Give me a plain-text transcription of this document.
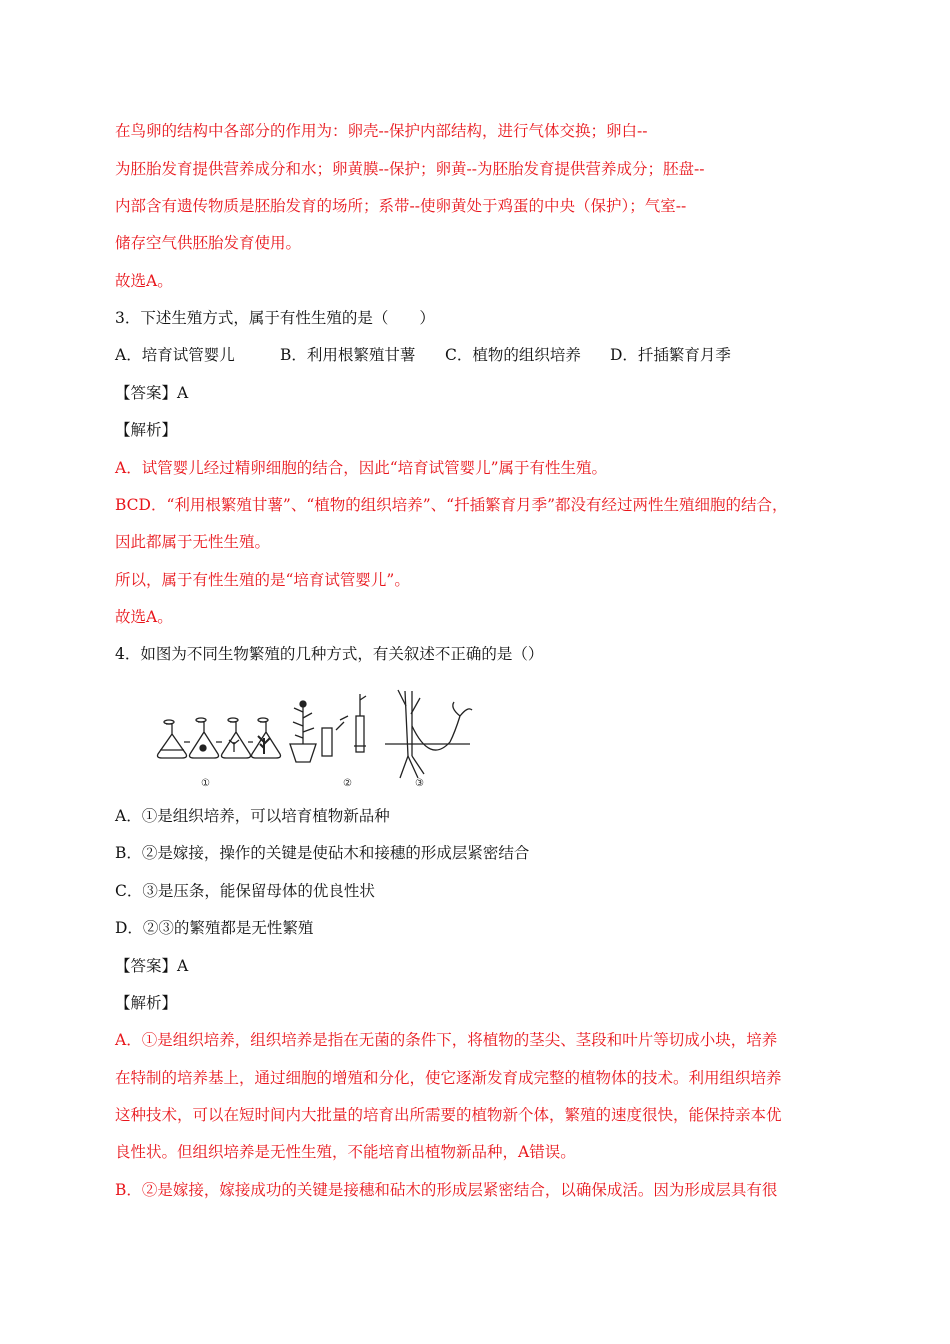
在鸟卵的结构中各部分的作用为：卵壳--保护内部结构，进行气体交换；卵白--
为胚胎发育提供营养成分和水；卵黄膜--保护；卵黄--为胚胎发育提供营养成分；胚盘--
内部含有遗传物质是胚胎发育的场所；系带--使卵黄处于鸡蛋的中央（保护）；气室--
储存空气供胚胎发育使用。
故选A。
3．下述生殖方式，属于有性生殖的是（　　）
A．培育试管婴儿	B．利用根繁殖甘薯 C．植物的组织培养 D．扦插繁育月季
【答案】A
【解析】
A．试管婴儿经过精卵细胞的结合，因此“培育试管婴儿”属于有性生殖。
BCD．“利用根繁殖甘薯”、“植物的组织培养”、“扦插繁育月季”都没有经过两性生殖细胞的结合，
因此都属于无性生殖。
所以，属于有性生殖的是“培育试管婴儿”。
故选A。
4．如图为不同生物繁殖的几种方式，有关叙述不正确的是（）
①	②	③
A．①是组织培养，可以培育植物新品种
B．②是嫁接，操作的关键是使砧木和接穗的形成层紧密结合
C．③是压条，能保留母体的优良性状
D．②③的繁殖都是无性繁殖
【答案】A
【解析】
A．①是组织培养，组织培养是指在无菌的条件下，将植物的茎尖、茎段和叶片等切成小块，培养
在特制的培养基上，通过细胞的增殖和分化，使它逐渐发育成完整的植物体的技术。利用组织培养
这种技术，可以在短时间内大批量的培育出所需要的植物新个体，繁殖的速度很快，能保持亲本优
良性状。但组织培养是无性生殖，不能培育出植物新品种，A错误。
B．②是嫁接，嫁接成功的关键是接穗和砧木的形成层紧密结合，以确保成活。因为形成层具有很
